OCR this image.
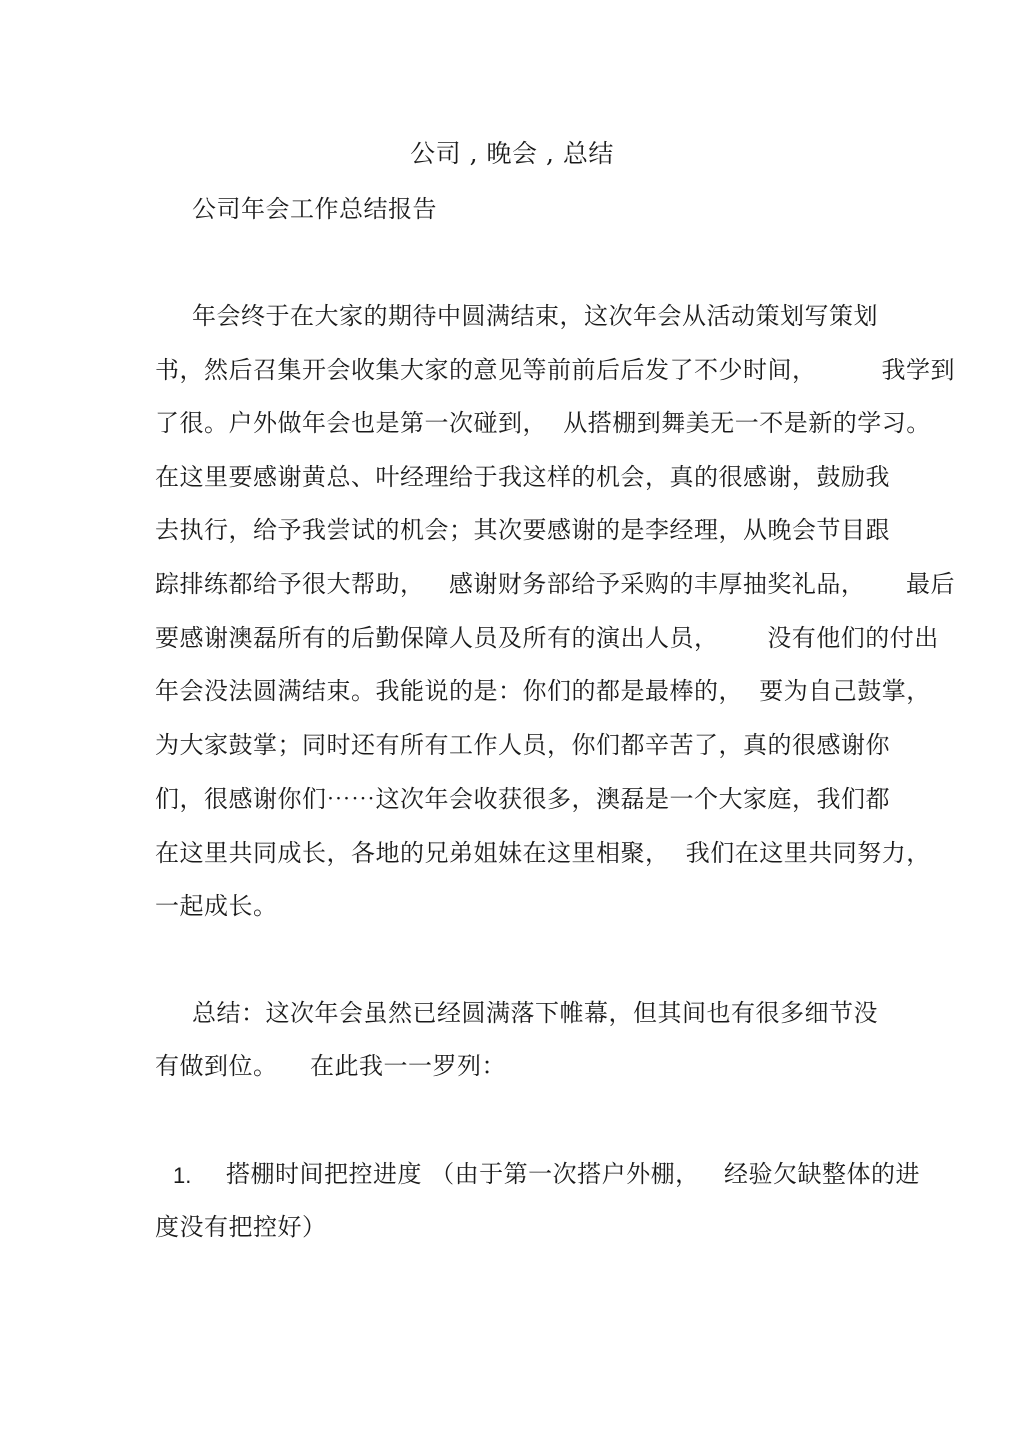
公司 , 晚会 , 总结
公司年会工作总结报告
年会终于在大家的期待中圆满结束，这次年会从活动策划写策划
书，然后召集开会收集大家的意见等前前后后发了不少时间，        我学到
了很。户外做年会也是第一次碰到，  从搭棚到舞美无一不是新的学习。
在这里要感谢黄总、叶经理给于我这样的机会，真的很感谢，鼓励我
去执行，给予我尝试的机会；其次要感谢的是李经理，从晚会节目跟
踪排练都给予很大帮助，   感谢财务部给予采购的丰厚抽奖礼品，     最后
要感谢澳磊所有的后勤保障人员及所有的演出人员，      没有他们的付出
年会没法圆满结束。我能说的是：你们的都是最棒的，  要为自己鼓掌，
为大家鼓掌；同时还有所有工作人员，你们都辛苦了，真的很感谢你
们，很感谢你们⋯⋯这次年会收获很多，澳磊是一个大家庭，我们都
在这里共同成长，各地的兄弟姐妹在这里相聚，  我们在这里共同努力，
一起成长。
总结：这次年会虽然已经圆满落下帷幕，但其间也有很多细节没
有做到位。    在此我一一罗列：
1. 搭棚时间把控进度 （由于第一次搭户外棚，   经验欠缺整体的进
度没有把控好）
